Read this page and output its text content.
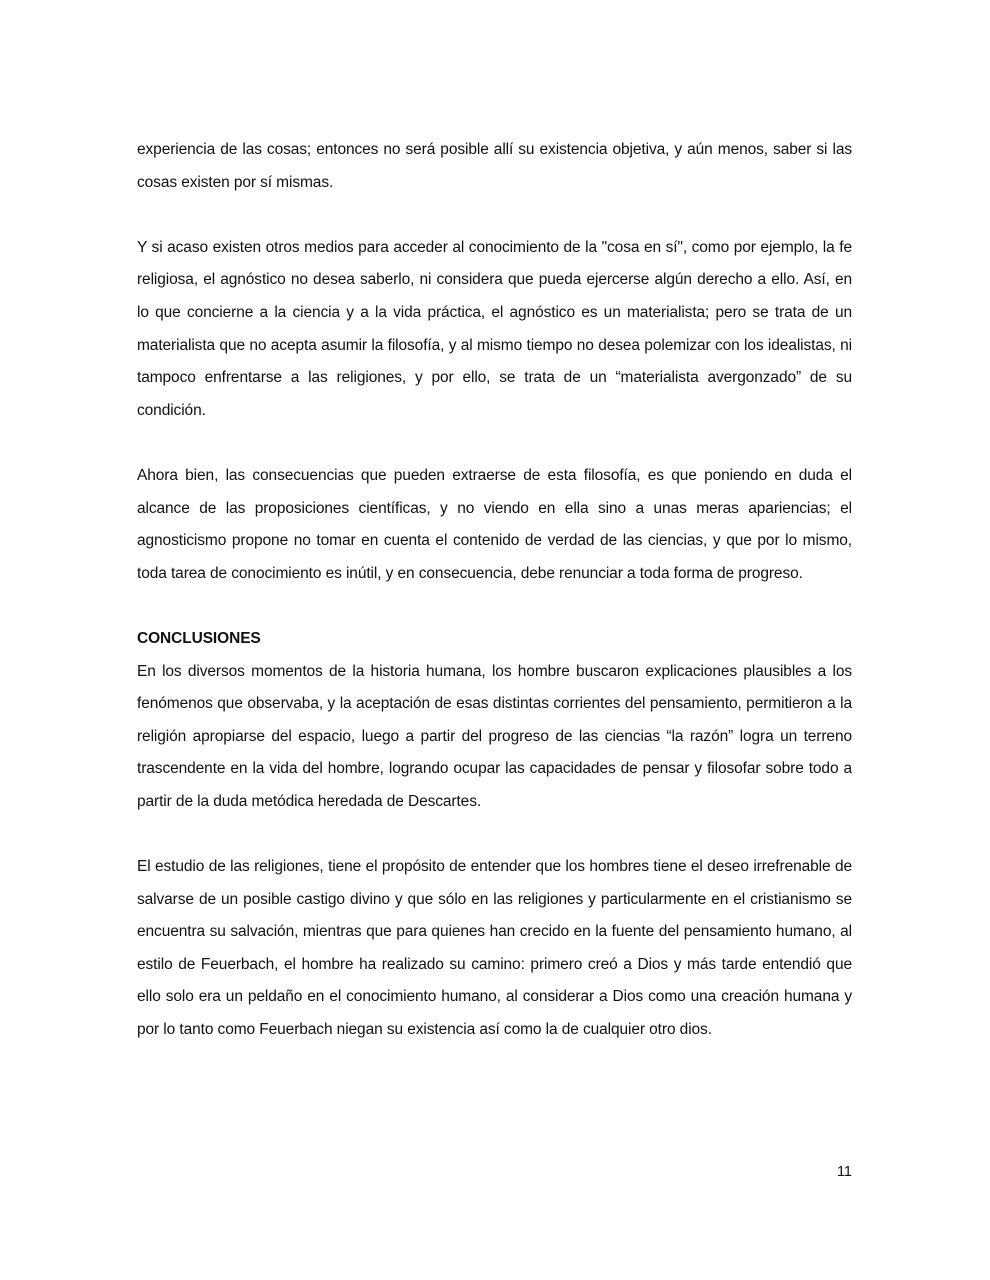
experiencia de las cosas; entonces no será posible allí su existencia objetiva, y aún menos, saber si las cosas existen por sí mismas.

Y si acaso existen otros medios para acceder al conocimiento de la "cosa en sí", como por ejemplo, la fe religiosa, el agnóstico no desea saberlo, ni considera que pueda ejercerse algún derecho a ello. Así, en lo que concierne a la ciencia y a la vida práctica, el agnóstico es un materialista; pero se trata de un materialista que no acepta asumir la filosofía, y al mismo tiempo no desea polemizar con los idealistas, ni tampoco enfrentarse a las religiones, y por ello, se trata de un “materialista avergonzado” de su condición.

Ahora bien, las consecuencias que pueden extraerse de esta filosofía, es que poniendo en duda el alcance de las proposiciones científicas, y no viendo en ella sino a unas meras apariencias; el agnosticismo propone no tomar en cuenta el contenido de verdad de las ciencias, y que por lo mismo, toda tarea de conocimiento es inútil, y en consecuencia, debe renunciar a toda forma de progreso.

CONCLUSIONES

En los diversos momentos de la historia humana, los hombre buscaron explicaciones plausibles a los fenómenos que observaba, y la aceptación de esas distintas corrientes del pensamiento, permitieron a la religión apropiarse del espacio, luego a partir del progreso de las ciencias “la razón” logra un terreno trascendente en la vida del hombre, logrando ocupar las capacidades de pensar y filosofar sobre todo a partir de la duda metódica heredada de Descartes.

El estudio de las religiones, tiene el propósito de entender que los hombres tiene el deseo irrefrenable de salvarse de un posible castigo divino y que sólo en las religiones y particularmente en el cristianismo se encuentra su salvación, mientras que para quienes han crecido en la fuente del pensamiento humano, al estilo de Feuerbach, el hombre ha realizado su camino: primero creó a Dios y más tarde entendió que ello solo era un peldaño en el conocimiento humano, al considerar a Dios como una creación humana y por lo tanto como Feuerbach niegan su existencia así como la de cualquier otro dios.

11
